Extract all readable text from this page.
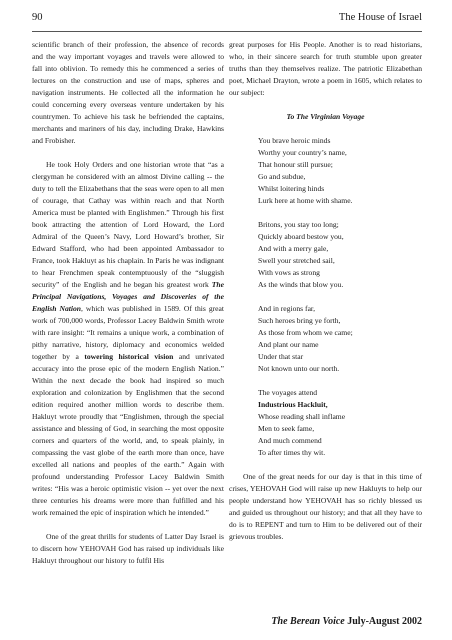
90	The House of Israel

scientific branch of their profession, the absence of records and the way important voyages and travels were allowed to fall into oblivion. To remedy this he commenced a series of lectures on the construction and use of maps, spheres and navigation instruments. He collected all the information he could concerning every overseas venture undertaken by his countrymen. To achieve his task he befriended the captains, merchants and mariners of his day, including Drake, Hawkins and Frobisher.

He took Holy Orders and one historian wrote that “as a clergyman he considered with an almost Divine calling -- the duty to tell the Elizabethans that the seas were open to all men of courage, that Cathay was within reach and that North America must be planted with Englishmen.” Through his first book attracting the attention of Lord Howard, the Lord Admiral of the Queen’s Navy, Lord Howard’s brother, Sir Edward Stafford, who had been appointed Ambassador to France, took Hakluyt as his chaplain. In Paris he was indignant to hear Frenchmen speak contemptuously of the “sluggish security” of the English and he began his greatest work The Principal Navigations, Voyages and Discoveries of the English Nation, which was published in 1589. Of this great work of 700,000 words, Professor Lacey Baldwin Smith wrote with rare insight: “It remains a unique work, a combination of pithy narrative, history, diplomacy and economics welded together by a towering historical vision and unrivated accuracy into the prose epic of the modern English Nation.” Within the next decade the book had inspired so much exploration and colonization by Englishmen that the second edition required another million words to describe them. Hakluyt wrote proudly that “Englishmen, through the special assistance and blessing of God, in searching the most opposite corners and quarters of the world, and, to speak plainly, in compassing the vast globe of the earth more than once, have excelled all nations and peoples of the earth.” Again with profound understanding Professor Lacey Baldwin Smith writes: “His was a heroic optimistic vision -- yet over the next three centuries his dreams were more than fulfilled and his work remained the epic of inspiration which he intended.”

One of the great thrills for students of Latter Day Israel is to discern how YEHOVAH God has raised up individuals like Hakluyt throughout our history to fulfil His

great purposes for His People. Another is to read historians, who, in their sincere search for truth stumble upon greater truths than they themselves realize. The patriotic Elizabethan poet, Michael Drayton, wrote a poem in 1605, which relates to our subject:

To The Virginian Voyage
You brave heroic minds
Worthy your country’s name,
That honour still pursue;
Go and subdue,
Whilst loitering hinds
Lurk here at home with shame.
Britons, you stay too long;
Quickly aboard bestow you,
And with a merry gale,
Swell your stretched sail,
With vows as strong
As the winds that blow you.
And in regions far,
Such heroes bring ye forth,
As those from whom we came;
And plant our name
Under that star
Not known unto our north.
The voyages attend
Industrious Hackluit,
Whose reading shall inflame
Men to seek fame,
And much commend
To after times thy wit.

One of the great needs for our day is that in this time of crises, YEHOVAH God will raise up new Hakluyts to help our people understand how YEHOVAH has so richly blessed us and guided us throughout our history; and that all they have to do is to REPENT and turn to Him to be delivered out of their grievous troubles.

The Berean Voice July-August 2002
